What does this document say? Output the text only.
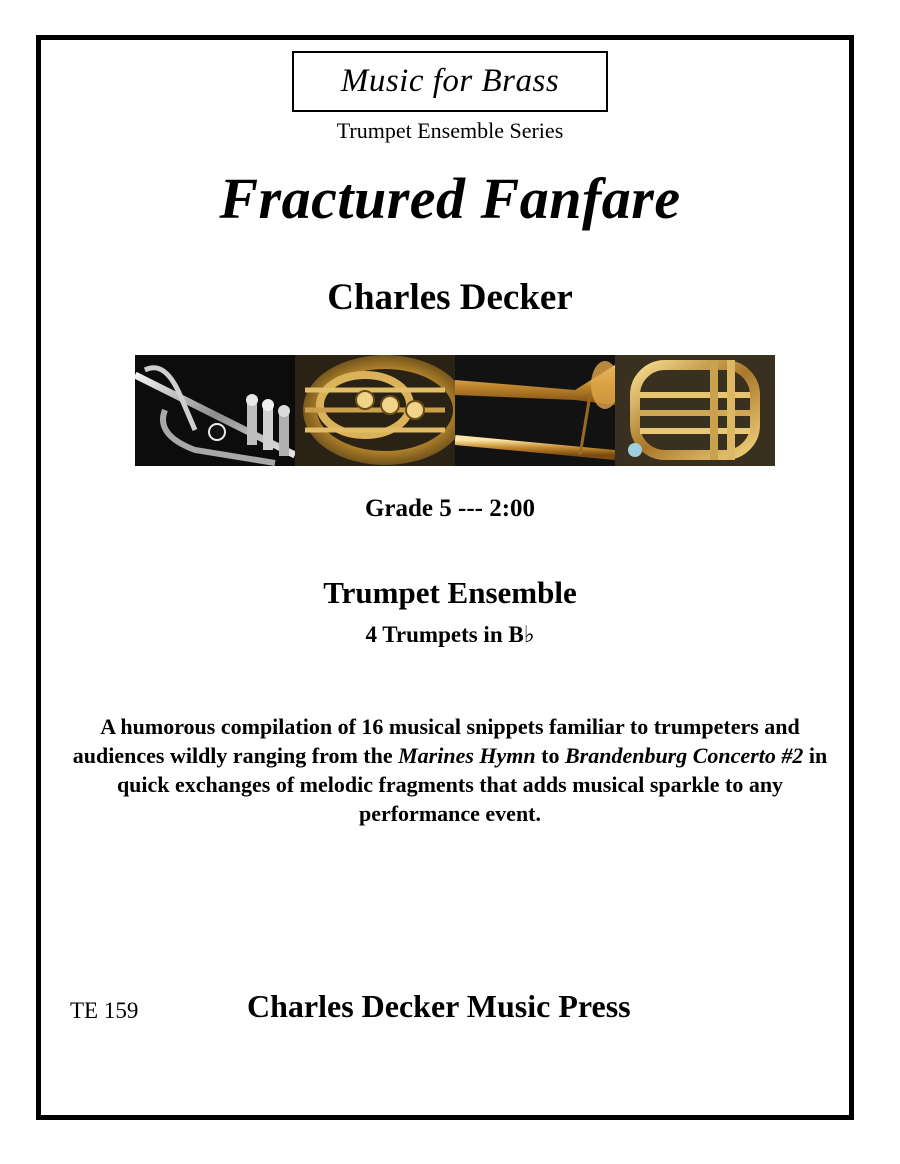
Music for Brass
Trumpet Ensemble Series
Fractured Fanfare
Charles Decker
Grade 5 --- 2:00
Trumpet Ensemble
4 Trumpets in B♭
A humorous compilation of 16 musical snippets familiar to trumpeters and audiences wildly ranging from the Marines Hymn to Brandenburg Concerto #2 in quick exchanges of melodic fragments that adds musical sparkle to any performance event.
TE 159	Charles Decker Music Press
